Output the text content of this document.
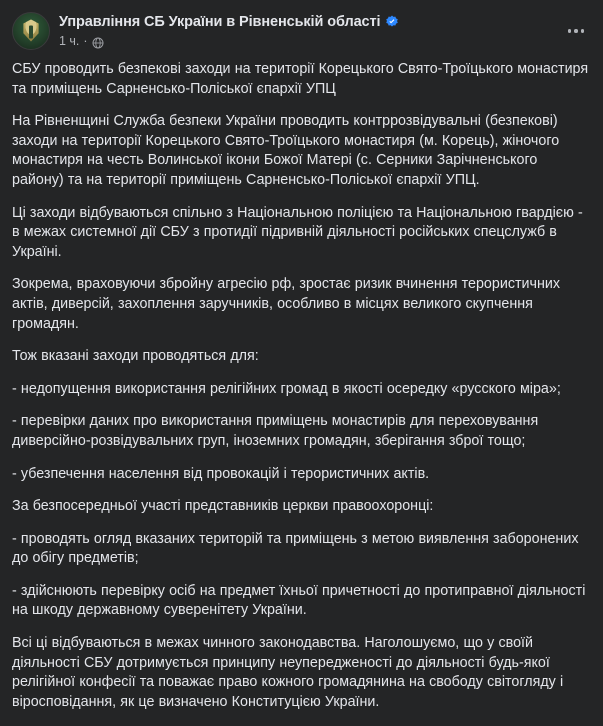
Управління СБ України в Рівненській області
1 ч. ·

СБУ проводить безпекові заходи на території Корецького Свято-Троїцького монастиря та приміщень Сарненсько-Поліської єпархії УПЦ

На Рівненщині Служба безпеки України проводить контррозвідувальні (безпекові) заходи на території Корецького Свято-Троїцького монастиря (м. Корець), жіночого монастиря на честь Волинської ікони Божої Матері (с. Серники Зарічненського району) та на території приміщень Сарненсько-Поліської єпархії УПЦ.

Ці заходи відбуваються спільно з Національною поліцією та Національною гвардією - в межах системної дії СБУ з протидії підривній діяльності російських спецслужб в Україні.

Зокрема, враховуючи збройну агресію рф, зростає ризик вчинення терористичних актів, диверсій, захоплення заручників, особливо в місцях великого скупчення громадян.

Тож вказані заходи проводяться для:

- недопущення використання релігійних громад в якості осередку «русского міра»;

- перевірки даних про використання приміщень монастирів для переховування диверсійно-розвідувальних груп, іноземних громадян, зберігання зброї тощо;

- убезпечення населення від провокацій і терористичних актів.

За безпосередньої участі представників церкви правоохоронці:

- проводять огляд вказаних територій та приміщень з метою виявлення заборонених до обігу предметів;

- здійснюють перевірку осіб на предмет їхньої причетності до протиправної діяльності на шкоду державному суверенітету України.

Всі ці відбуваються в межах чинного законодавства. Наголошуємо, що у своїй діяльності СБУ дотримується принципу неупередженості до діяльності будь-якої релігійної конфесії та поважає право кожного громадянина на свободу світогляду і віросповідання, як це визначено Конституцією України.
